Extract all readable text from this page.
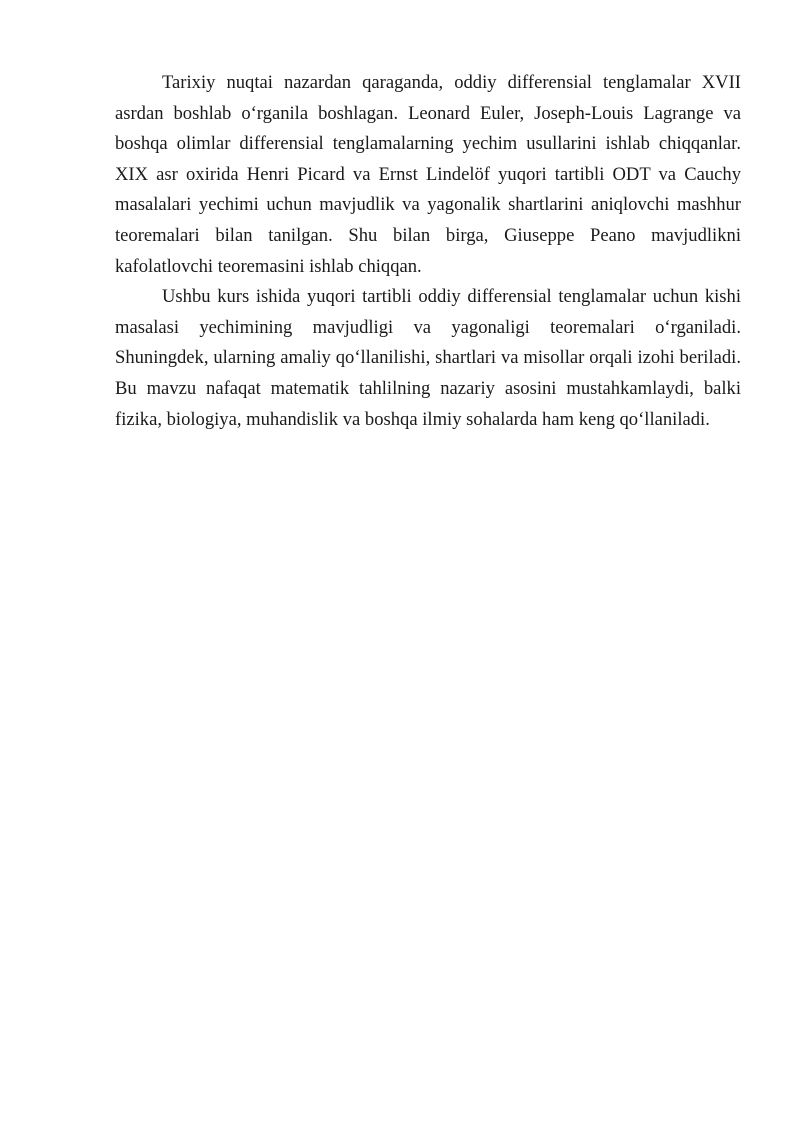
Tarixiy nuqtai nazardan qaraganda, oddiy differensial tenglamalar XVII asrdan boshlab o‘rganila boshlagan. Leonard Euler, Joseph-Louis Lagrange va boshqa olimlar differensial tenglamalarning yechim usullarini ishlab chiqqanlar. XIX asr oxirida Henri Picard va Ernst Lindelöf yuqori tartibli ODT va Cauchy masalalari yechimi uchun mavjudlik va yagonalik shartlarini aniqlovchi mashhur teoremalari bilan tanilgan. Shu bilan birga, Giuseppe Peano mavjudlikni kafolatlovchi teoremasini ishlab chiqqan.

Ushbu kurs ishida yuqori tartibli oddiy differensial tenglamalar uchun kishi masalasi yechimining mavjudligi va yagonaligi teoremalari o‘rganiladi. Shuningdek, ularning amaliy qo‘llanilishi, shartlari va misollar orqali izohi beriladi. Bu mavzu nafaqat matematik tahlilning nazariy asosini mustahkamlaydi, balki fizika, biologiya, muhandislik va boshqa ilmiy sohalarda ham keng qo‘llaniladi.
